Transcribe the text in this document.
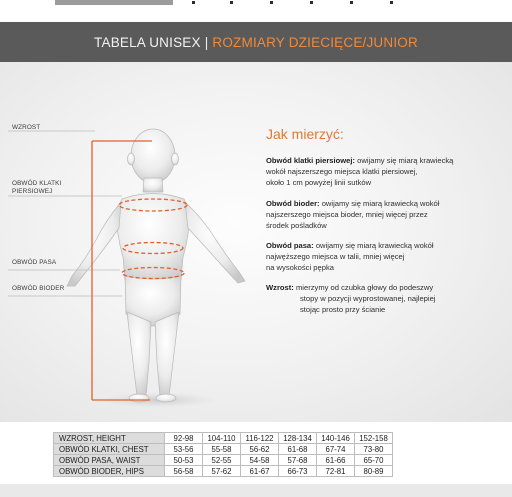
TABELA UNISEX | ROZMIARY DZIECIĘCE/JUNIOR
WZROST
OBWÓD KLATKI
PIERSIOWEJ
OBWÓD PASA
OBWÓD BIODER
Jak mierzyć:
Obwód klatki piersiowej: owijamy się miarą krawiecką
wokół najszerszego miejsca klatki piersiowej,
około 1 cm powyżej linii sutków
Obwód bioder: owijamy się miarą krawiecką wokół
najszerszego miejsca bioder, mniej więcej przez
środek pośladków
Obwód pasa: owijamy się miarą krawiecką wokół
najwęższego miejsca w talii, mniej więcej
na wysokości pępka
Wzrost: mierzymy od czubka głowy do podeszwy
stopy w pozycji wyprostowanej, najlepiej
stojąc prosto przy ścianie
WZROST, HEIGHT	92-98	104-110	116-122	128-134	140-146	152-158
OBWÓD KLATKI, CHEST	53-56	55-58	56-62	61-68	67-74	73-80
OBWÓD PASA, WAIST	50-53	52-55	54-58	57-68	61-66	65-70
OBWÓD BIODER, HIPS	56-58	57-62	61-67	66-73	72-81	80-89
